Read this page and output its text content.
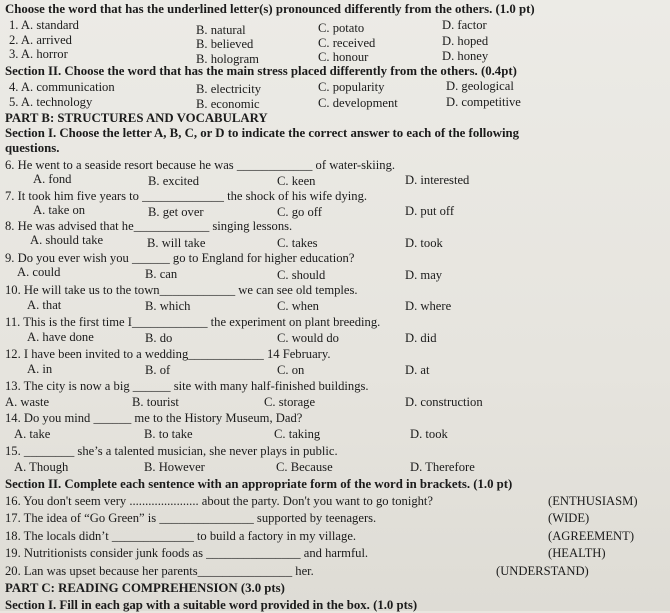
Choose the word that has the underlined letter(s) pronounced differently from the others. (1.0 pt)
1. A. standard	B. natural	C. potato	D. factor
2. A. arrived	B. believed	C. received	D. hoped
3. A. horror	B. hologram	C. honour	D. honey
Section II. Choose the word that has the main stress placed differently from the others. (0.4pt)
4. A. communication	B. electricity	C. popularity	D. geological
5. A. technology	B. economic	C. development	D. competitive
PART B: STRUCTURES AND VOCABULARY
Section I. Choose the letter A, B, C, or D to indicate the correct answer to each of the following
questions.
6. He went to a seaside resort because he was ____________ of water-skiing.
A. fond	B. excited	C. keen	D. interested
7. It took him five years to _____________ the shock of his wife dying.
A. take on	B. get over	C. go off	D. put off
8. He was advised that he____________ singing lessons.
A. should take	B. will take	C. takes	D. took
9. Do you ever wish you ______ go to England for higher education?
A. could	B. can	C. should	D. may
10. He will take us to the town____________ we can see old temples.
A. that	B. which	C. when	D. where
11. This is the first time I____________ the experiment on plant breeding.
A. have done	B. do	C. would do	D. did
12. I have been invited to a wedding____________ 14 February.
A. in	B. of	C. on	D. at
13. The city is now a big ______ site with many half-finished buildings.
A. waste	B. tourist	C. storage	D. construction
14. Do you mind ______ me to the History Museum, Dad?
A. take	B. to take	C. taking	D. took
15. ________ she’s a talented musician, she never plays in public.
A. Though	B. However	C. Because	D. Therefore
Section II. Complete each sentence with an appropriate form of the word in brackets. (1.0 pt)
16. You don't seem very ...................... about the party. Don't you want to go tonight?	(ENTHUSIASM)
17. The idea of “Go Green” is _______________ supported by teenagers.	(WIDE)
18. The locals didn’t _____________ to build a factory in my village.	(AGREEMENT)
19. Nutritionists consider junk foods as _______________ and harmful.	(HEALTH)
20. Lan was upset because her parents_______________ her.	(UNDERSTAND)
PART C: READING COMPREHENSION (3.0 pts)
Section I. Fill in each gap with a suitable word provided in the box. (1.0 pts)
